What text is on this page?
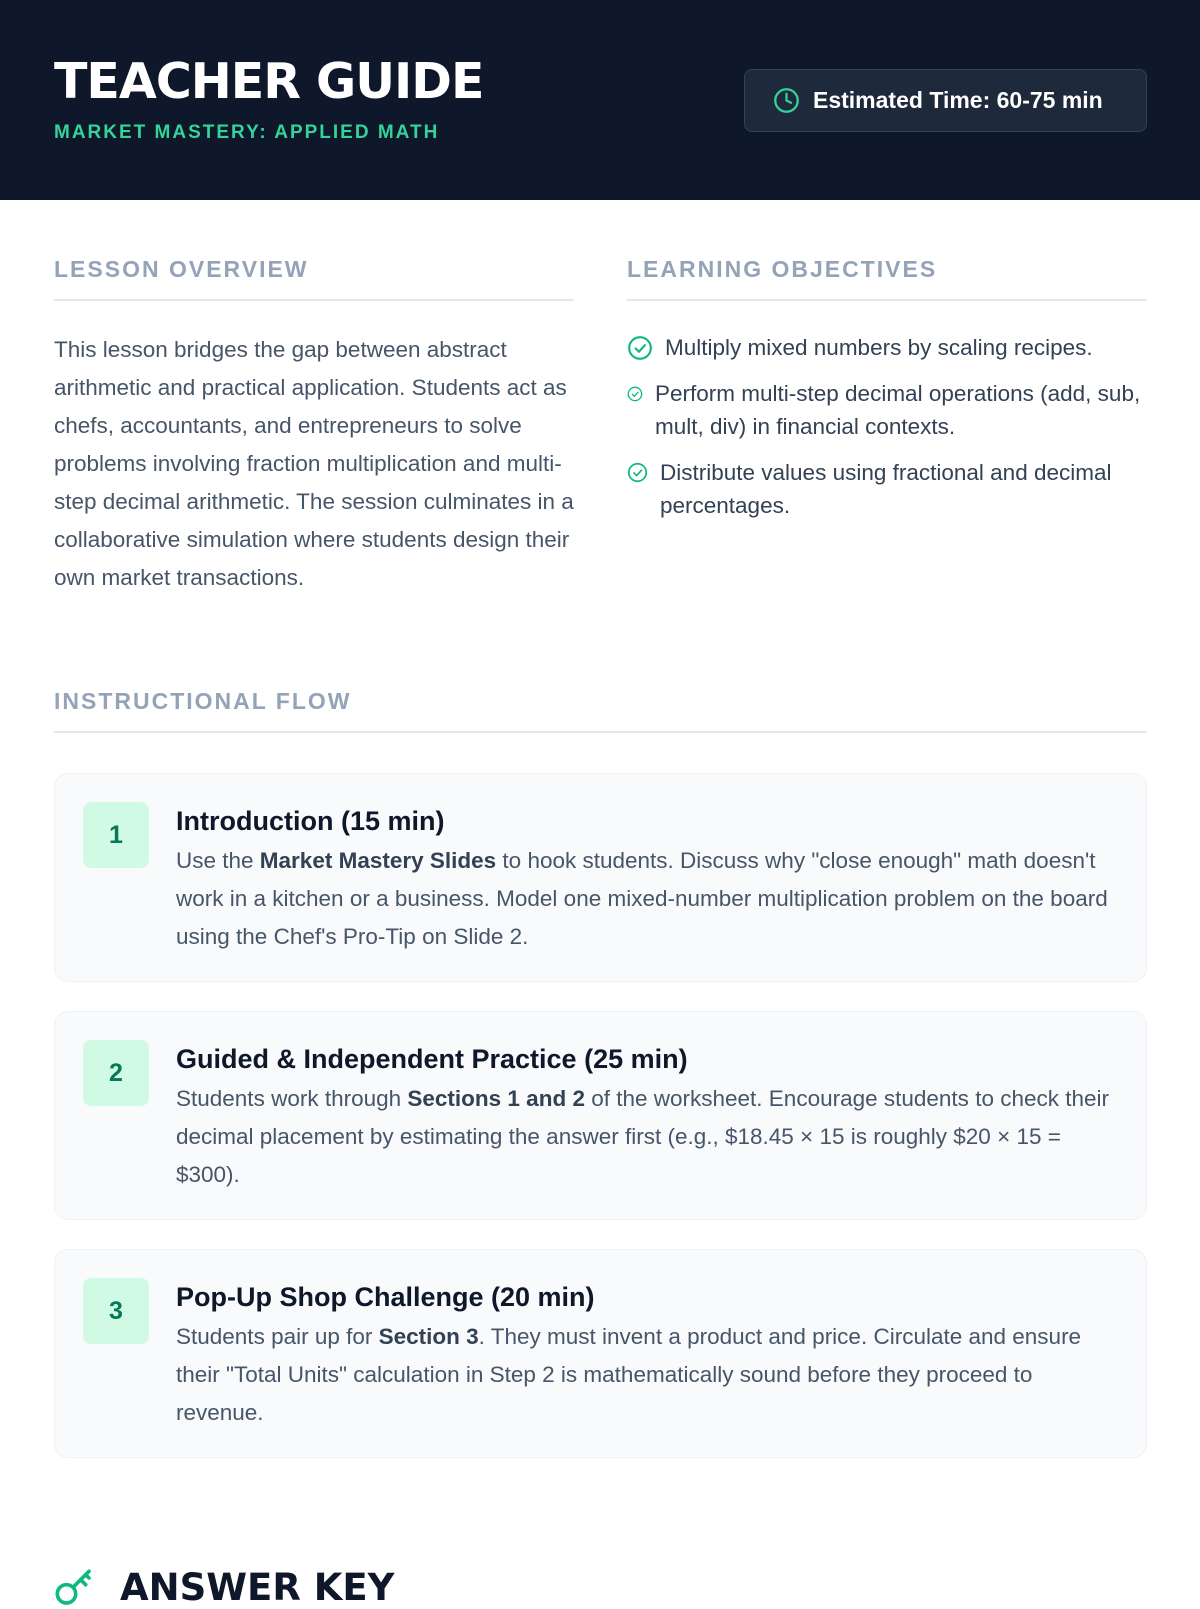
TEACHER GUIDE
MARKET MASTERY: APPLIED MATH
Estimated Time: 60-75 min
LESSON OVERVIEW

This lesson bridges the gap between abstract arithmetic and practical application. Students act as chefs, accountants, and entrepreneurs to solve problems involving fraction multiplication and multi-step decimal arithmetic. The session culminates in a collaborative simulation where students design their own market transactions.

LEARNING OBJECTIVES
Multiply mixed numbers by scaling recipes.
Perform multi-step decimal operations (add, sub, mult, div) in financial contexts.
Distribute values using fractional and decimal percentages.
INSTRUCTIONAL FLOW
1	Introduction (15 min)

Use the Market Mastery Slides to hook students. Discuss why "close enough" math doesn't work in a kitchen or a business. Model one mixed-number multiplication problem on the board using the Chef's Pro-Tip on Slide 2.

2	Guided & Independent Practice (25 min)

Students work through Sections 1 and 2 of the worksheet. Encourage students to check their decimal placement by estimating the answer first (e.g., $18.45 × 15 is roughly $20 × 15 = $300).

3	Pop-Up Shop Challenge (20 min)

Students pair up for Section 3. They must invent a product and price. Circulate and ensure their "Total Units" calculation in Step 2 is mathematically sound before they proceed to revenue.

ANSWER KEY
